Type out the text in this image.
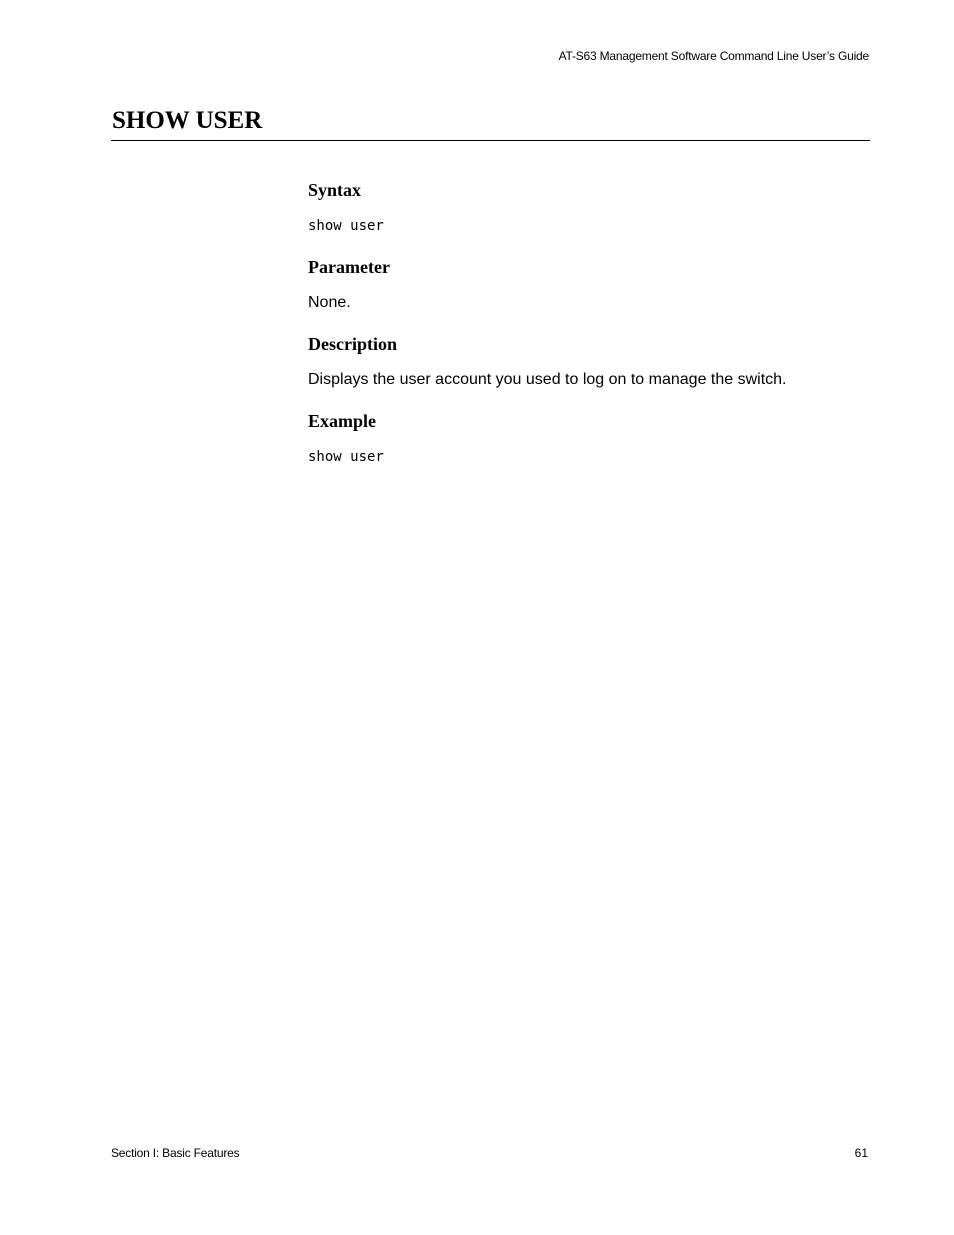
AT-S63 Management Software Command Line User’s Guide
SHOW USER
Syntax

show user

Parameter

None.

Description

Displays the user account you used to log on to manage the switch.

Example

show user

Section I: Basic Features	61
